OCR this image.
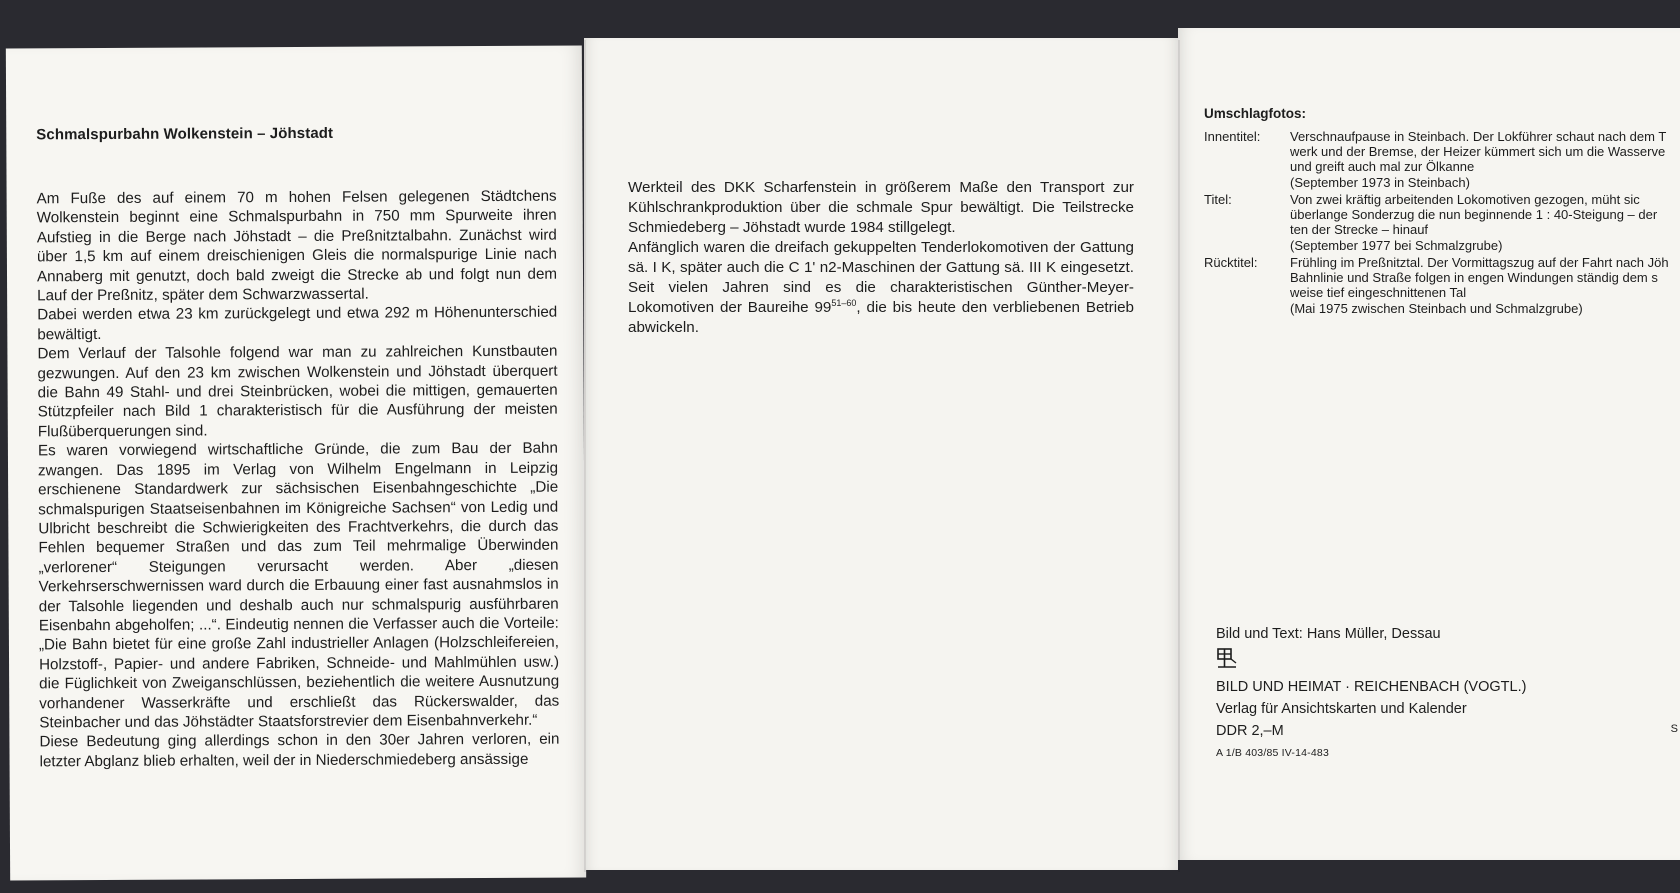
Schmalspurbahn Wolkenstein – Jöhstadt

Am Fuße des auf einem 70 m hohen Felsen gelegenen Städtchens Wolkenstein beginnt eine Schmalspurbahn in 750 mm Spurweite ihren Aufstieg in die Berge nach Jöhstadt – die Preßnitztalbahn. Zunächst wird über 1,5 km auf einem dreischienigen Gleis die normalspurige Linie nach Annaberg mit genutzt, doch bald zweigt die Strecke ab und folgt nun dem Lauf der Preßnitz, später dem Schwarzwassertal.

Dabei werden etwa 23 km zurückgelegt und etwa 292 m Höhenunterschied bewältigt.

Dem Verlauf der Talsohle folgend war man zu zahlreichen Kunstbauten gezwungen. Auf den 23 km zwischen Wolkenstein und Jöhstadt überquert die Bahn 49 Stahl- und drei Steinbrücken, wobei die mittigen, gemauerten Stützpfeiler nach Bild 1 charakteristisch für die Ausführung der meisten Flußüberquerungen sind.

Es waren vorwiegend wirtschaftliche Gründe, die zum Bau der Bahn zwangen. Das 1895 im Verlag von Wilhelm Engelmann in Leipzig erschienene Standardwerk zur sächsischen Eisenbahngeschichte „Die schmalspurigen Staatseisenbahnen im Königreiche Sachsen“ von Ledig und Ulbricht beschreibt die Schwierigkeiten des Frachtverkehrs, die durch das Fehlen bequemer Straßen und das zum Teil mehrmalige Überwinden „verlorener“ Steigungen verursacht werden. Aber „diesen Verkehrserschwernissen ward durch die Erbauung einer fast ausnahmslos in der Talsohle liegenden und deshalb auch nur schmalspurig ausführbaren Eisenbahn abgeholfen; ...“. Eindeutig nennen die Verfasser auch die Vorteile:„Die Bahn bietet für eine große Zahl industrieller Anlagen (Holzschleifereien, Holzstoff-, Papier- und andere Fabriken, Schneide- und Mahlmühlen usw.) die Füglichkeit von Zweiganschlüssen, beziehentlich die weitere Ausnutzung vorhandener Wasserkräfte und erschließt das Rückerswalder, das Steinbacher und das Jöhstädter Staatsforstrevier dem Eisenbahnverkehr.“

Diese Bedeutung ging allerdings schon in den 30er Jahren verloren, ein letzter Abglanz blieb erhalten, weil der in Niederschmiedeberg ansässige

Werkteil des DKK Scharfenstein in größerem Maße den Transport zur Kühlschrankproduktion über die schmale Spur bewältigt. Die Teilstrecke Schmiedeberg – Jöhstadt wurde 1984 stillgelegt.

Anfänglich waren die dreifach gekuppelten Tenderlokomotiven der Gattung sä. I K, später auch die C 1' n2-Maschinen der Gattung sä. III K eingesetzt. Seit vielen Jahren sind es die charakteristischen Günther-Meyer-Lokomotiven der Baureihe 99$^{51-60}$, die bis heute den verbliebenen Betrieb abwickeln.

Umschlagfotos:
Innentitel:	Verschnaufpause in Steinbach. Der Lokführer schaut nach dem T
werk und der Bremse, der Heizer kümmert sich um die Wasserve
und greift auch mal zur Ölkanne
(September 1973 in Steinbach)
Titel:	Von zwei kräftig arbeitenden Lokomotiven gezogen, müht sic
überlange Sonderzug die nun beginnende 1 : 40-Steigung – der
ten der Strecke – hinauf
(September 1977 bei Schmalzgrube)
Rücktitel:	Frühling im Preßnitztal. Der Vormittagszug auf der Fahrt nach Jöh
Bahnlinie und Straße folgen in engen Windungen ständig dem s
weise tief eingeschnittenen Tal
(Mai 1975 zwischen Steinbach und Schmalzgrube)
Bild und Text: Hans Müller, Dessau
BILD UND HEIMAT · REICHENBACH (VOGTL.)
Verlag für Ansichtskarten und Kalender
DDR 2,–M
A 1/B 403/85 IV-14-483
S
